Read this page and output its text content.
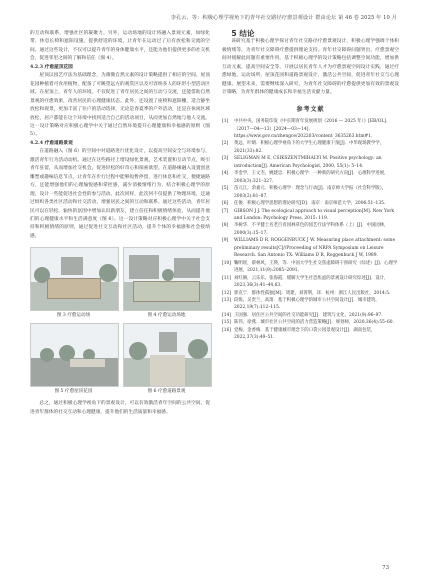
李孔云，等：积极心理学视角下的青年社交路径疗愈景观设计 群由论坛 第 46 卷 2025 年 10 月

的互动和联系，增强社区的凝聚力。另外，运动场地的设计将融入景观元素，如绿化带、休息长椅和遮阳设施，提供舒适的环境，让青年在运动过了后有放松和交流的空间。通过这些设计，不仅可以提升青年的身体健康水平，还能为他们提供更多的社交机会，促进邻里之间的了解和信任（图 4）。

4.2.3 疗愈屋顶花园

屋顶以园艺疗法为基础理念，为薄微自然元素的设计策略提供了相应的空间。屋顶花园种植着可食用植物，配备了可眺望远方的观赏区以及可容纳多人的环形小型活动区域。在屋顶上，青年人的环境，不仅促进了青年居民之间的互动与交流，还能借助自然景观的疗愈效果，改善居民的心理健康状态。此外，还设置了座椅和遮阳棚，适合静坐放松和观景，更加丰富了住户的活动选择，无论是春夏季的户外活动，还是在休闲区域放松，居户都能在这个环境中找到适合自己的活动项目，从而更加自然地与他人交流。这一设计策略对应积极心理学中关于通过自然环境提升心理健康和幸福感的原则（图 5）。

4.2.4 疗愈道路景观

在道路融入（图 6）的空间中对道路进行优化设计，以提高空间安全与环境参与，激活青年行为活动动机。通过在这些路径上增设绿化景观，艺术装置和互动节点，吸引青年驻留，从而增加社交机会，促进轻松的好奇心和探索欲望。在道路缘融入设置创意雕塑或趣味信息节点，让青年在步行过程中能够短暂停留，进行休息和社交，便捷通路方，还能增强他们的心理愉悦感和掌控感，减少消极情绪行为，结合积极心理学的原理，设计一些能促进社会性的参与活动。此次同样，此次何不仅提供了物理环境，还通过组织各类社区活动和社交活动，增强居民之间的互动和联系。通过这些活动，青年居民可以在轻松、愉快的氛围中增加认识新朋友，建立信任和积极情绪体验，从而提升他们的心理健康水平和生活满意度（图 6）。这一设计策略对应积极心理学中关于社会支持和积极情绪的原则，通过促进社交互动和社区活动，提升个体的幸福感和社会接纳感。

图 3 疗愈运动场	图 4 疗愈运动场地
图 5 疗愈屋顶花园	图 6 疗愈道路景观

总之，通过积极心理学视角下的景观设计，可以有效激活青年空间的公共空间，促进青年群体的社交互动和心理健康，提升他们的生活质量和幸福感。

5 结论

该研究基于积极心理学探讨青年社交路径疗愈景观设计，积极心理学强调个体积极情绪等，为青年社交障碍疗愈提供理论支持。青年社交障碍问题突出，疗愈景观空间对缓解此问题有重要作用。基于积极心理学的设计策略包括调整空间功能，增加供互动元素，提高空间安全等，开展以居民青年人才为疗愈景观空间设计实践，通过疗愈绿地、运动场所、屋顶花园和道路景观设计，激活公共空间，促进青年社交与心理健康。展望未来，需要继续深入研究，为青年社交障碍的疗愈提供更加有效的景观设计策略，为青年群体的健康成长和幸福生活贡献力量。

参考文献
[1]	中共中央，国务院印发《中长期青年发展规划（2016 — 2025 年）》[EB/OL]．（2017—04—13）[2024—03—14]．https://www.gov.cn/zhengce/202203/content_3635263.htm#1.
[2]	黄远，叶晴．积极心理学视角下的大学生心理健康干预[J]．中华现场教学学，2021(33):82.
[3]	SELIGMAN M E, CSIKSZENTMIHALYI M. Positive psychology: an introduction[J]. American Psychologist, 2000, 55(1): 5–14.
[4]	李金学，王文杰，姚建忠．积极心理学：一种新的研究方向[J]．心理科学进展，2003(3):321–327.
[5]	苗元江，余嘉元．积极心理学：理念与行动[J]．南京师大学报（社会科学版），2003(2):81–87.
[6]	任俊．积极心理学思想的理论研究[D]．南京：南京师范大学，2006:51–135.
[7]	GIBSON J J. The ecological approach to visual perception[M]. New York and London: Psychology Press, 2015: 119.
[8]	李树华．不平健土名老百青园林草色的园艺疗法学科体系（上）[J]．中国园林，2000(3):15–17.
[9]	WILLIAMS D R, ROGGENBUCK J W. Measuring place attachment: some preliminary results[C]//Proceeding of NRPA Symposium on Leisure Research. San Antonio TX: Williams D R, Roggenbuck J W, 1989.
[10] 鞠明瑶，蔡林风，王瑛，等．中国大学生社交焦虑障碍干预研究（综述）[J]．心理学进展，2021,11(9):2085–2091.
[11] 刘红赫，云乐乐，张海霞．缓解大学生社恐焦虑的景观设计研究综述[J]．设计，2023,36(3):41–44,63.
[12] 郭克宁．群体性孤独[M]．周建，刘菁荆，译．杭州：浙江人民出版社，2014:5.
[13] 段炼，吴贵兰，高琦．基于积极心理学的城市公共空间设计[J]．城市建筑，2022,19(7):112–115.
[14] 王国强．居住区公共空间的社交功能研究[J]．建筑与文化，2021(9):96–97.
[15] 陈伟，徐燕．城市社区公共空间的活力营造策略[J]．规划师，2020,36(4):55–60.
[16] 党梅，金香梅．基于健康城市理念下的口袋公园景观设计[J]．湖南包装，2022,37(3):49–51.
73
